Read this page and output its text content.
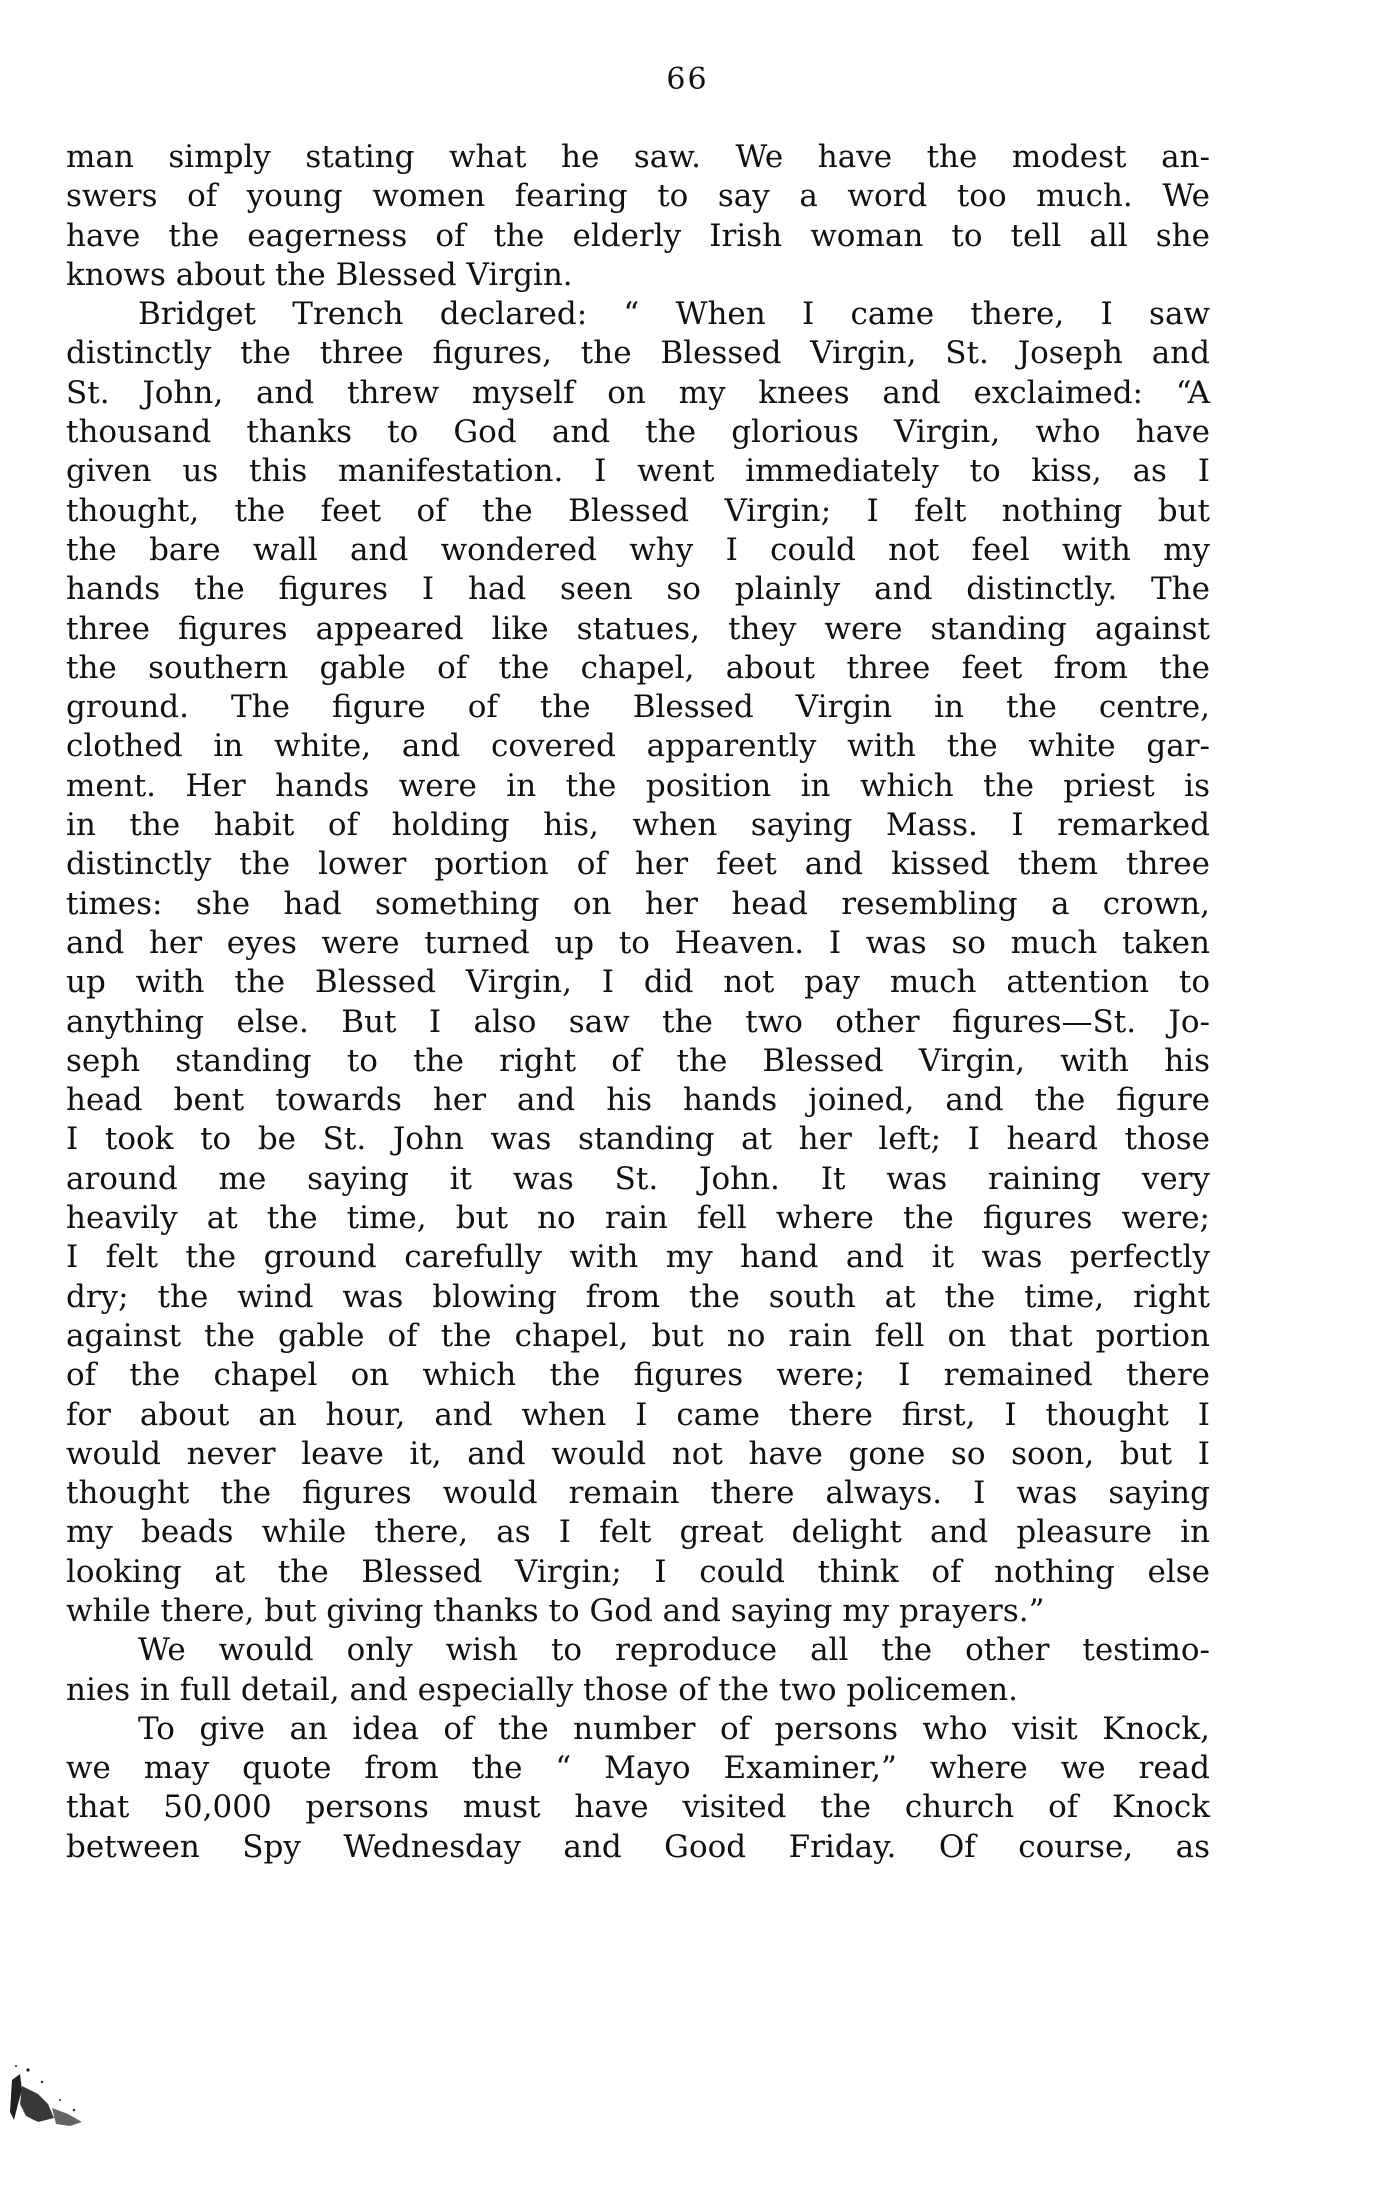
66
man simply stating what he saw. We have the modest an-
swers of young women fearing to say a word too much. We
have the eagerness of the elderly Irish woman to tell all she
knows about the Blessed Virgin.
Bridget Trench declared: “ When I came there, I saw
distinctly the three figures, the Blessed Virgin, St. Joseph and
St. John, and threw myself on my knees and exclaimed: “A
thousand thanks to God and the glorious Virgin, who have
given us this manifestation. I went immediately to kiss, as I
thought, the feet of the Blessed Virgin; I felt nothing but
the bare wall and wondered why I could not feel with my
hands the figures I had seen so plainly and distinctly. The
three figures appeared like statues, they were standing against
the southern gable of the chapel, about three feet from the
ground. The figure of the Blessed Virgin in the centre,
clothed in white, and covered apparently with the white gar-
ment. Her hands were in the position in which the priest is
in the habit of holding his, when saying Mass. I remarked
distinctly the lower portion of her feet and kissed them three
times: she had something on her head resembling a crown,
and her eyes were turned up to Heaven. I was so much taken
up with the Blessed Virgin, I did not pay much attention to
anything else. But I also saw the two other figures—St. Jo-
seph standing to the right of the Blessed Virgin, with his
head bent towards her and his hands joined, and the figure
I took to be St. John was standing at her left; I heard those
around me saying it was St. John. It was raining very
heavily at the time, but no rain fell where the figures were;
I felt the ground carefully with my hand and it was perfectly
dry; the wind was blowing from the south at the time, right
against the gable of the chapel, but no rain fell on that portion
of the chapel on which the figures were; I remained there
for about an hour, and when I came there first, I thought I
would never leave it, and would not have gone so soon, but I
thought the figures would remain there always. I was saying
my beads while there, as I felt great delight and pleasure in
looking at the Blessed Virgin; I could think of nothing else
while there, but giving thanks to God and saying my prayers.”
We would only wish to reproduce all the other testimo-
nies in full detail, and especially those of the two policemen.
To give an idea of the number of persons who visit Knock,
we may quote from the “ Mayo Examiner,” where we read
that 50,000 persons must have visited the church of Knock
between Spy Wednesday and Good Friday. Of course, as
